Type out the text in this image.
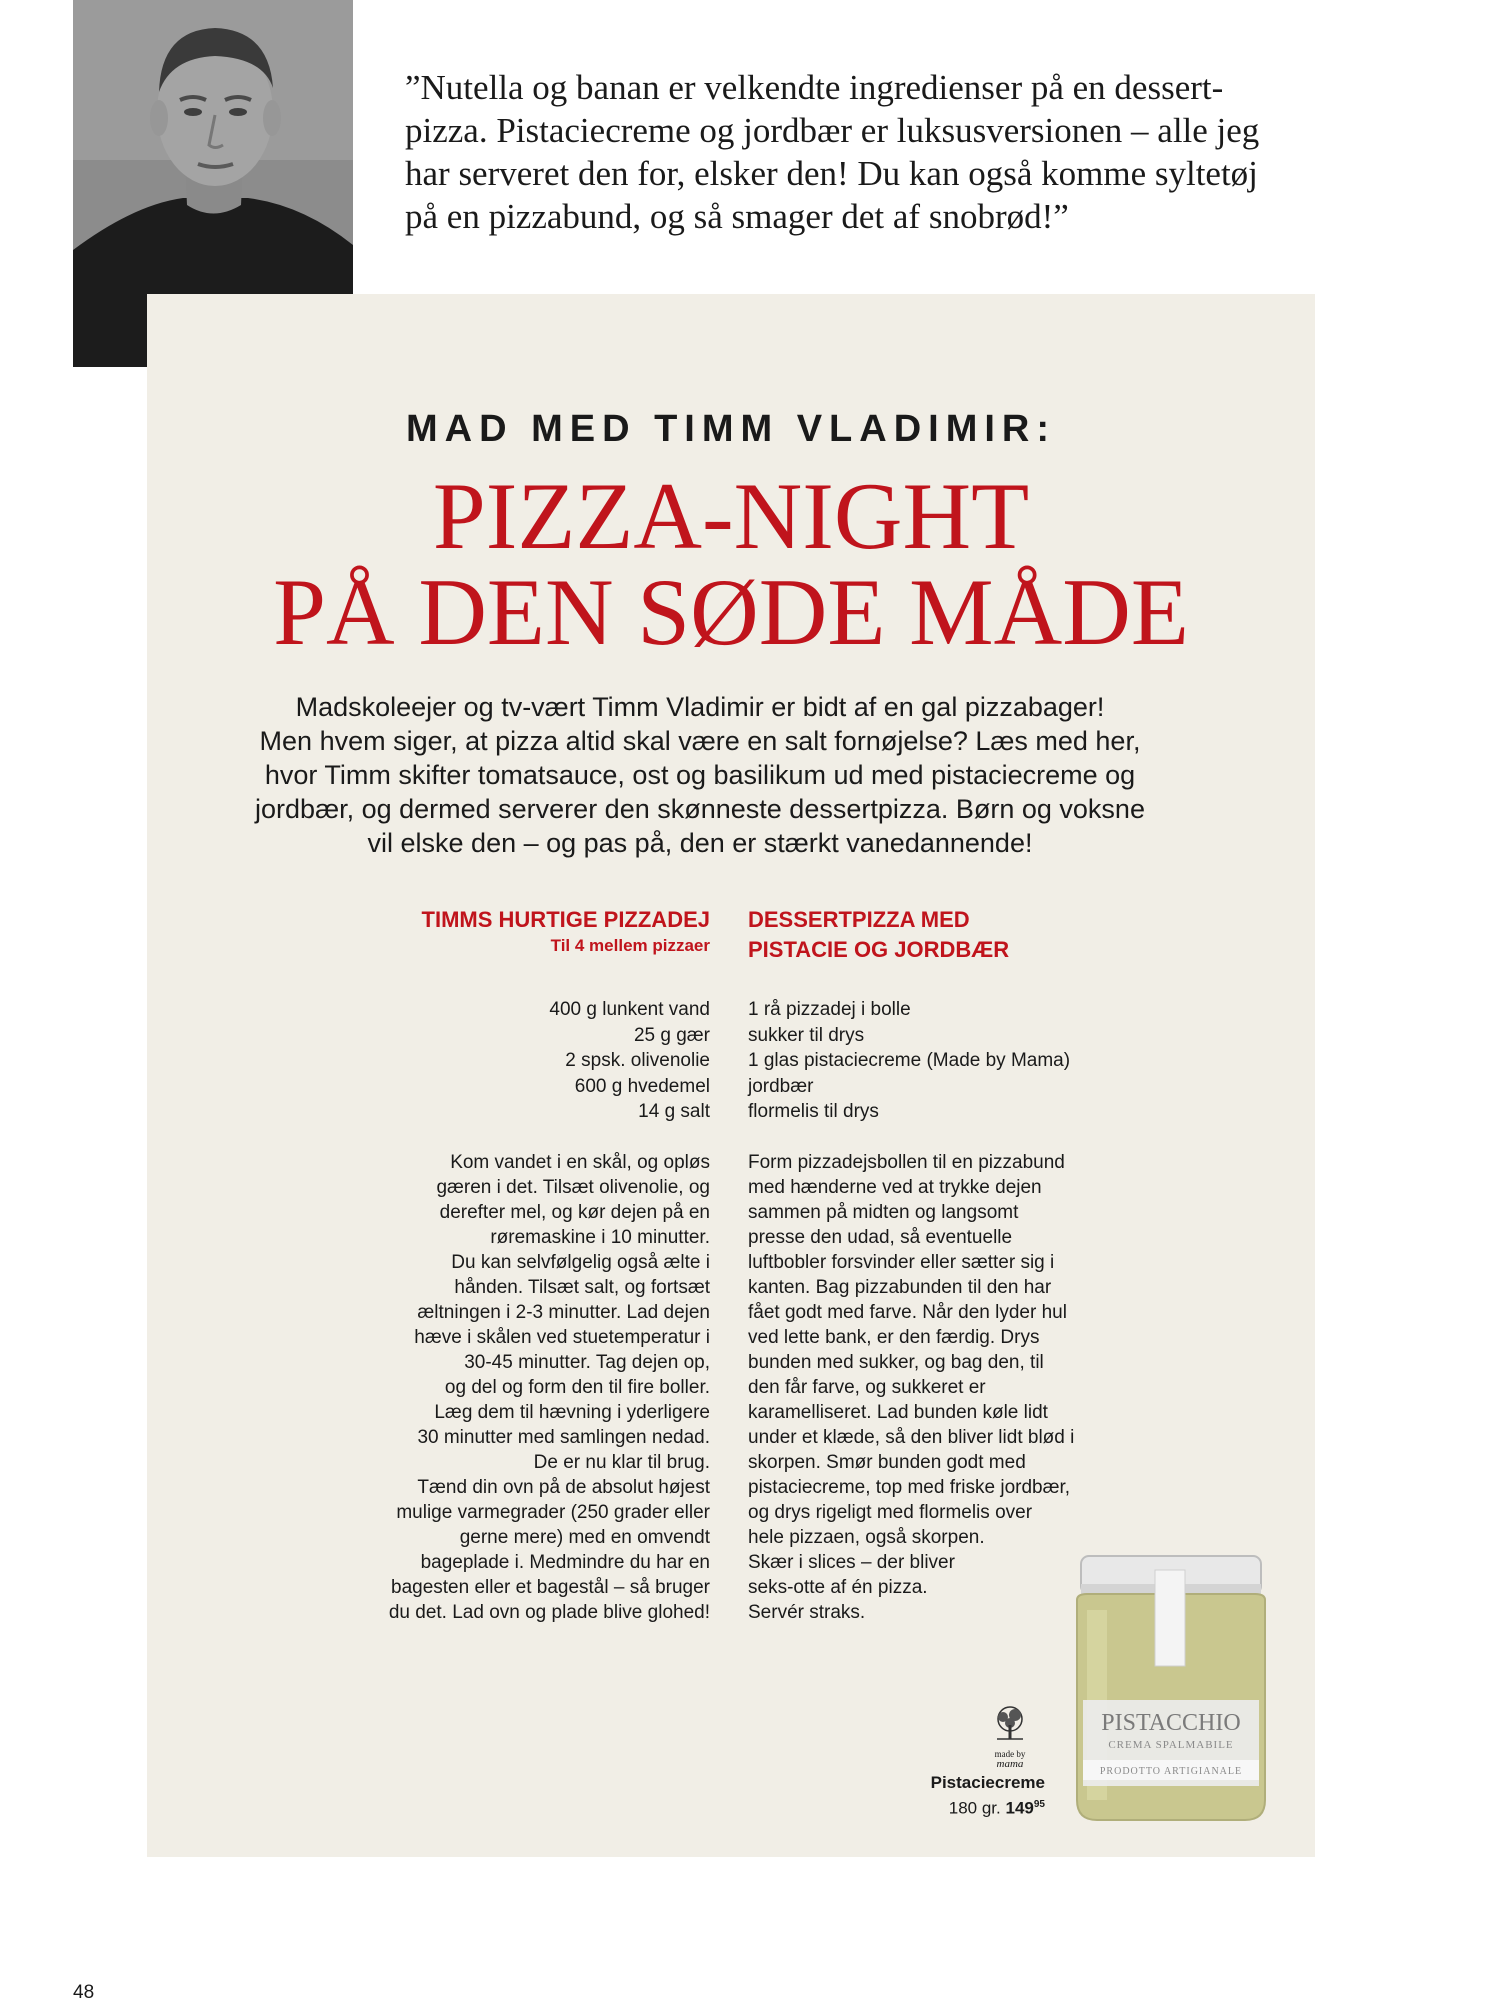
”Nutella og banan er velkendte ingredienser på en dessert-
pizza. Pistaciecreme og jordbær er luksusversionen – alle jeg
har serveret den for, elsker den! Du kan også komme syltetøj
på en pizzabund, og så smager det af snobrød!”
MAD MED TIMM VLADIMIR:
PIZZA-NIGHT
PÅ DEN SØDE MÅDE
Madskoleejer og tv-vært Timm Vladimir er bidt af en gal pizzabager!
Men hvem siger, at pizza altid skal være en salt fornøjelse? Læs med her,
hvor Timm skifter tomatsauce, ost og basilikum ud med pistaciecreme og
jordbær, og dermed serverer den skønneste dessertpizza. Børn og voksne
vil elske den – og pas på, den er stærkt vanedannende!
TIMMS HURTIGE PIZZADEJ
Til 4 mellem pizzaer
400 g lunkent vand
25 g gær
2 spsk. olivenolie
600 g hvedemel
14 g salt
Kom vandet i en skål, og opløs
gæren i det. Tilsæt olivenolie, og
derefter mel, og kør dejen på en
røremaskine i 10 minutter.
Du kan selvfølgelig også ælte i
hånden. Tilsæt salt, og fortsæt
æltningen i 2-3 minutter. Lad dejen
hæve i skålen ved stuetemperatur i
30-45 minutter. Tag dejen op,
og del og form den til fire boller.
Læg dem til hævning i yderligere
30 minutter med samlingen nedad.
De er nu klar til brug.
Tænd din ovn på de absolut højest
mulige varmegrader (250 grader eller
gerne mere) med en omvendt
bageplade i. Medmindre du har en
bagesten eller et bagestål – så bruger
du det. Lad ovn og plade blive glohed!
DESSERTPIZZA MED
PISTACIE OG JORDBÆR
1 rå pizzadej i bolle
sukker til drys
1 glas pistaciecreme (Made by Mama)
jordbær
flormelis til drys
Form pizzadejsbollen til en pizzabund
med hænderne ved at trykke dejen
sammen på midten og langsomt
presse den udad, så eventuelle
luftbobler forsvinder eller sætter sig i
kanten. Bag pizzabunden til den har
fået godt med farve. Når den lyder hul
ved lette bank, er den færdig. Drys
bunden med sukker, og bag den, til
den får farve, og sukkeret er
karamelliseret. Lad bunden køle lidt
under et klæde, så den bliver lidt blød i
skorpen. Smør bunden godt med
pistaciecreme, top med friske jordbær,
og drys rigeligt med flormelis over
hele pizzaen, også skorpen.
Skær i slices – der bliver
seks-otte af én pizza.
Servér straks.
made by
mama
Pistaciecreme
180 gr. $149^{95}$
PISTACCHIO
CREMA SPALMABILE
PRODOTTO ARTIGIANALE
48
